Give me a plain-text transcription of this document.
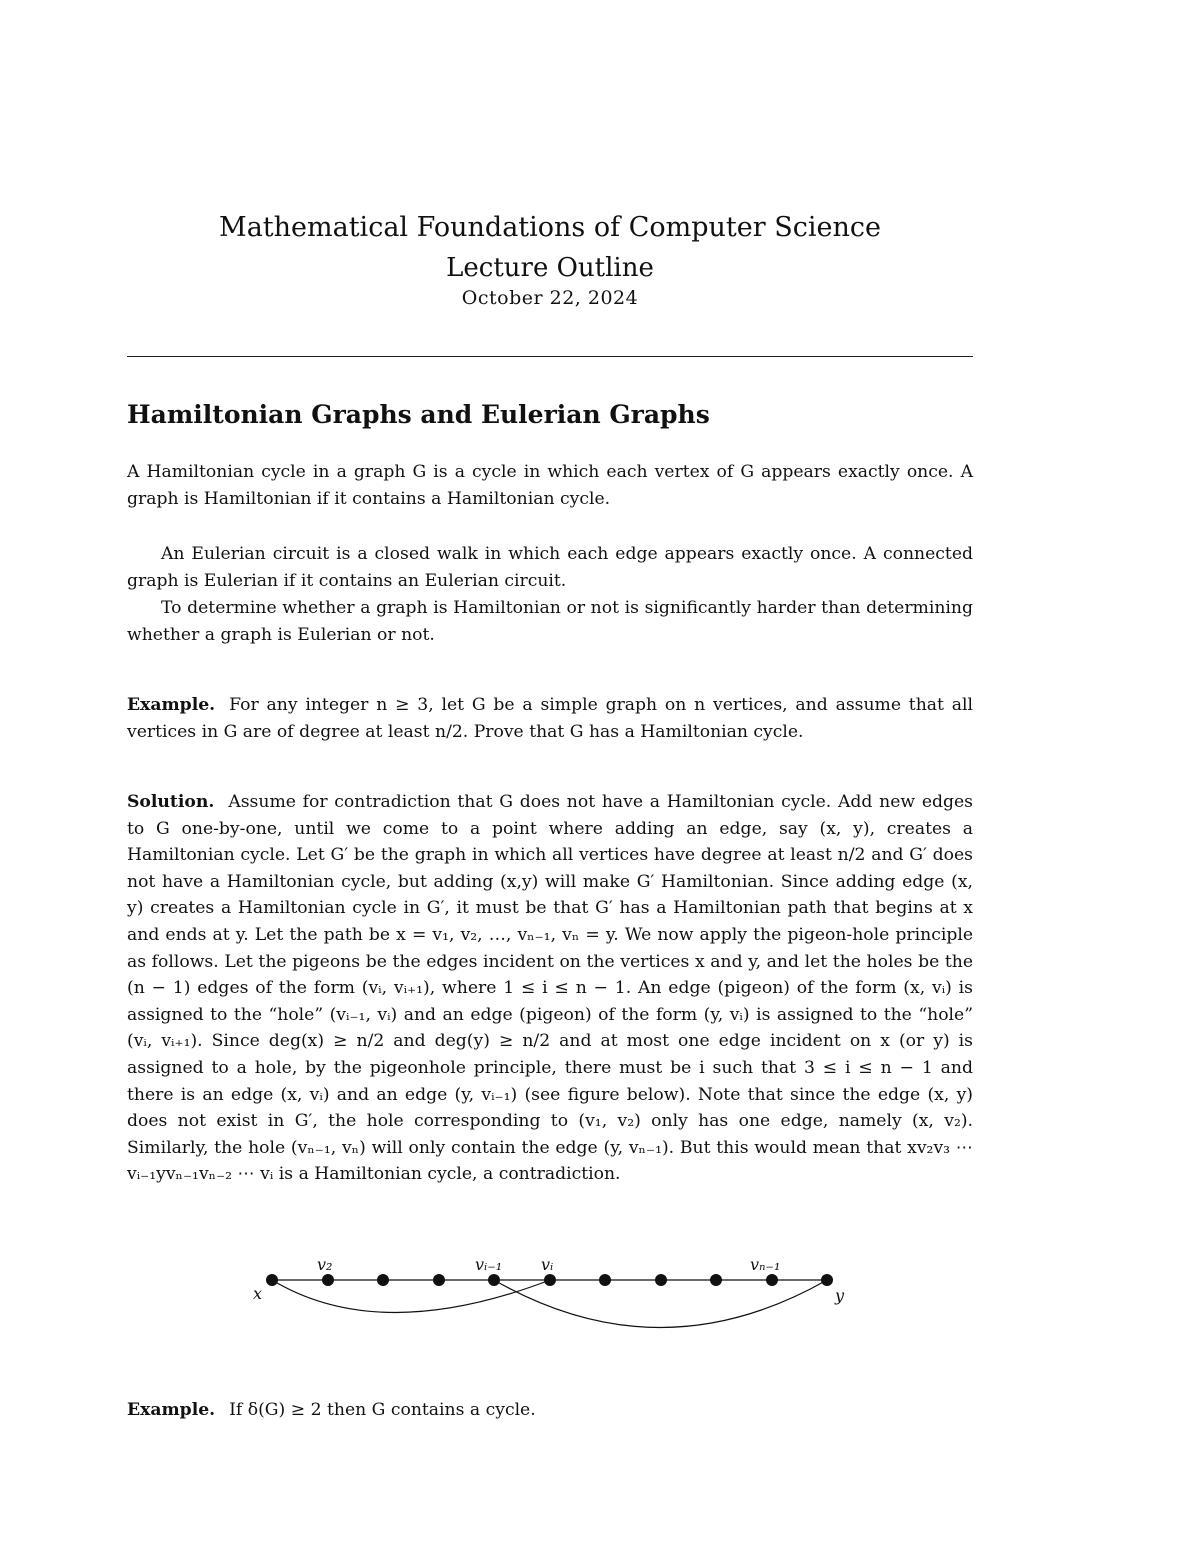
Mathematical Foundations of Computer Science
Lecture Outline
October 22, 2024
Hamiltonian Graphs and Eulerian Graphs

A Hamiltonian cycle in a graph G is a cycle in which each vertex of G appears exactly once. A graph is Hamiltonian if it contains a Hamiltonian cycle.

An Eulerian circuit is a closed walk in which each edge appears exactly once. A connected graph is Eulerian if it contains an Eulerian circuit.

To determine whether a graph is Hamiltonian or not is significantly harder than determining whether a graph is Eulerian or not.

Example. For any integer n ≥ 3, let G be a simple graph on n vertices, and assume that all vertices in G are of degree at least n/2. Prove that G has a Hamiltonian cycle.

Solution. Assume for contradiction that G does not have a Hamiltonian cycle. Add new edges to G one-by-one, until we come to a point where adding an edge, say (x, y), creates a Hamiltonian cycle. Let G′ be the graph in which all vertices have degree at least n/2 and G′ does not have a Hamiltonian cycle, but adding (x,y) will make G′ Hamiltonian. Since adding edge (x, y) creates a Hamiltonian cycle in G′, it must be that G′ has a Hamiltonian path that begins at x and ends at y. Let the path be x = v₁, v₂, …, vₙ₋₁, vₙ = y. We now apply the pigeon-hole principle as follows. Let the pigeons be the edges incident on the vertices x and y, and let the holes be the (n − 1) edges of the form (vᵢ, vᵢ₊₁), where 1 ≤ i ≤ n − 1. An edge (pigeon) of the form (x, vᵢ) is assigned to the “hole” (vᵢ₋₁, vᵢ) and an edge (pigeon) of the form (y, vᵢ) is assigned to the “hole” (vᵢ, vᵢ₊₁). Since deg(x) ≥ n/2 and deg(y) ≥ n/2 and at most one edge incident on x (or y) is assigned to a hole, by the pigeonhole principle, there must be i such that 3 ≤ i ≤ n − 1 and there is an edge (x, vᵢ) and an edge (y, vᵢ₋₁) (see figure below). Note that since the edge (x, y) does not exist in G′, the hole corresponding to (v₁, v₂) only has one edge, namely (x, v₂). Similarly, the hole (vₙ₋₁, vₙ) will only contain the edge (y, vₙ₋₁). But this would mean that xv₂v₃ ⋯ vᵢ₋₁yvₙ₋₁vₙ₋₂ ⋯ vᵢ is a Hamiltonian cycle, a contradiction.

v₂	vᵢ₋₁ vᵢ	vₙ₋₁
x	y

Example. If δ(G) ≥ 2 then G contains a cycle.
